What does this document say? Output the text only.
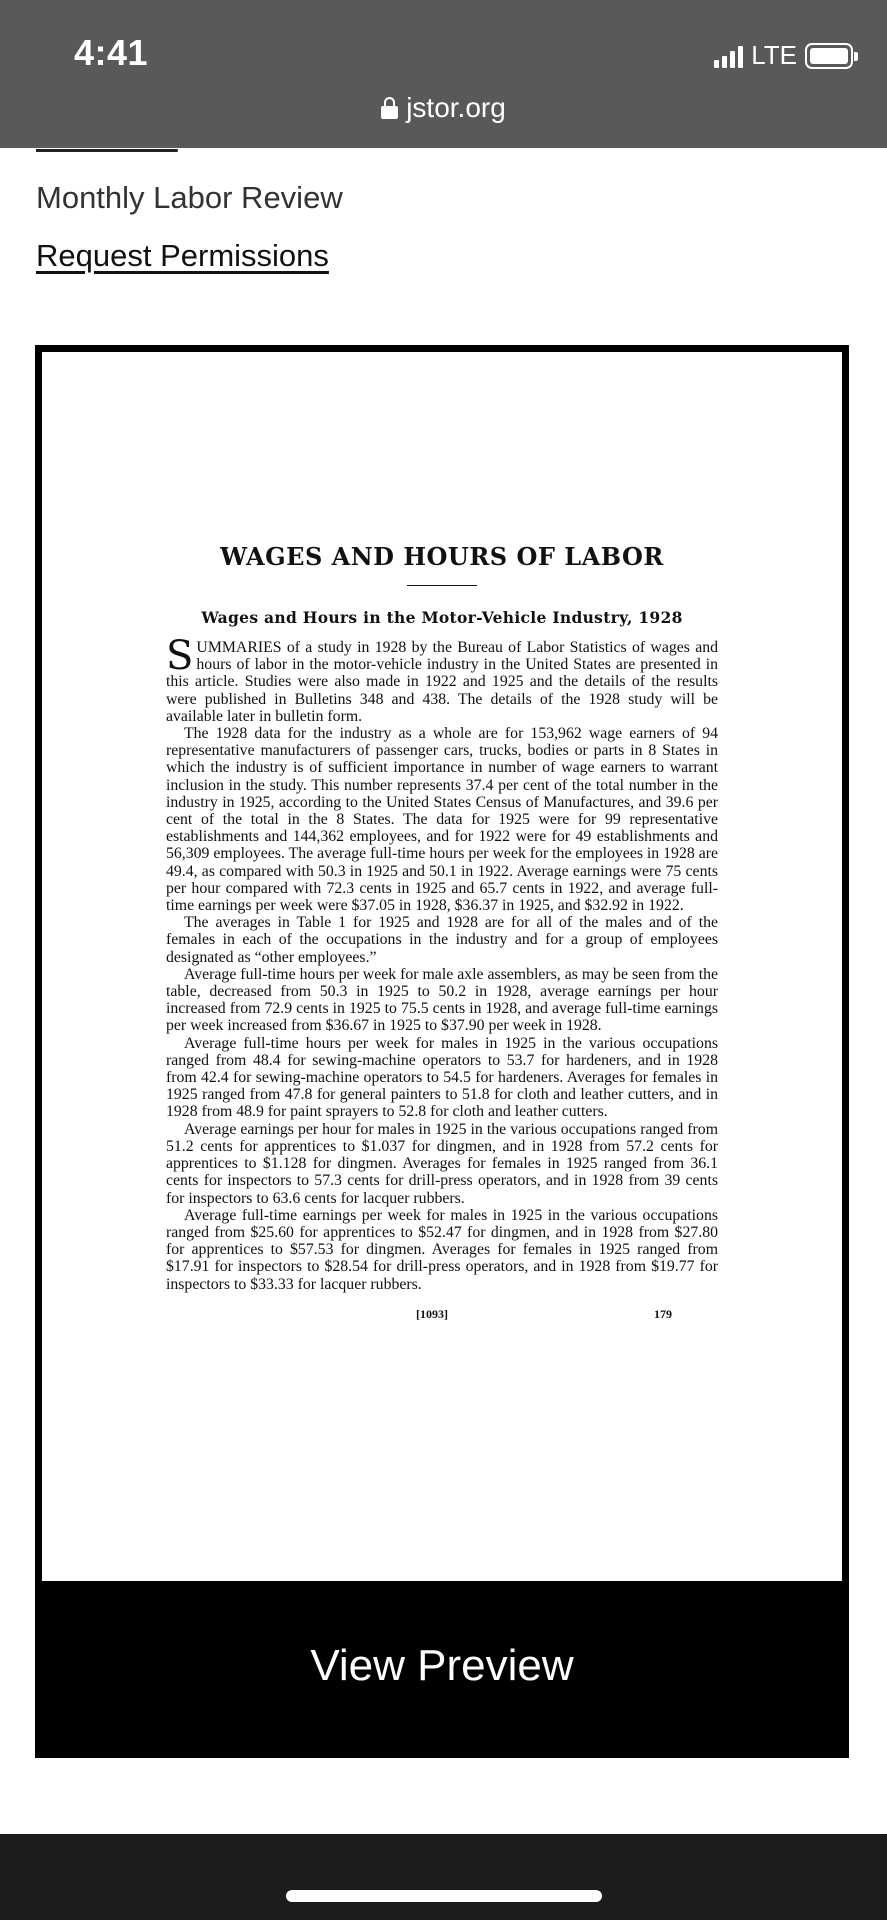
4:41	LTE
jstor.org
Monthly Labor Review
Request Permissions
WAGES AND HOURS OF LABOR
Wages and Hours in the Motor-Vehicle Industry, 1928

SUMMARIES of a study in 1928 by the Bureau of Labor Statistics of wages and hours of labor in the motor-vehicle industry in the United States are presented in this article. Studies were also made in 1922 and 1925 and the details of the results were published in Bulletins 348 and 438. The details of the 1928 study will be available later in bulletin form.

The 1928 data for the industry as a whole are for 153,962 wage earners of 94 representative manufacturers of passenger cars, trucks, bodies or parts in 8 States in which the industry is of sufficient importance in number of wage earners to warrant inclusion in the study. This number represents 37.4 per cent of the total number in the industry in 1925, according to the United States Census of Manufactures, and 39.6 per cent of the total in the 8 States. The data for 1925 were for 99 representative establishments and 144,362 employees, and for 1922 were for 49 establishments and 56,309 employees. The average full-time hours per week for the employees in 1928 are 49.4, as compared with 50.3 in 1925 and 50.1 in 1922. Average earnings were 75 cents per hour compared with 72.3 cents in 1925 and 65.7 cents in 1922, and average full-time earnings per week were $37.05 in 1928, $36.37 in 1925, and $32.92 in 1922.

The averages in Table 1 for 1925 and 1928 are for all of the males and of the females in each of the occupations in the industry and for a group of employees designated as “other employees.”

Average full-time hours per week for male axle assemblers, as may be seen from the table, decreased from 50.3 in 1925 to 50.2 in 1928, average earnings per hour increased from 72.9 cents in 1925 to 75.5 cents in 1928, and average full-time earnings per week increased from $36.67 in 1925 to $37.90 per week in 1928.

Average full-time hours per week for males in 1925 in the various occupations ranged from 48.4 for sewing-machine operators to 53.7 for hardeners, and in 1928 from 42.4 for sewing-machine operators to 54.5 for hardeners. Averages for females in 1925 ranged from 47.8 for general painters to 51.8 for cloth and leather cutters, and in 1928 from 48.9 for paint sprayers to 52.8 for cloth and leather cutters.

Average earnings per hour for males in 1925 in the various occupations ranged from 51.2 cents for apprentices to $1.037 for dingmen, and in 1928 from 57.2 cents for apprentices to $1.128 for dingmen. Averages for females in 1925 ranged from 36.1 cents for inspectors to 57.3 cents for drill-press operators, and in 1928 from 39 cents for inspectors to 63.6 cents for lacquer rubbers.

Average full-time earnings per week for males in 1925 in the various occupations ranged from $25.60 for apprentices to $52.47 for dingmen, and in 1928 from $27.80 for apprentices to $57.53 for dingmen. Averages for females in 1925 ranged from $17.91 for inspectors to $28.54 for drill-press operators, and in 1928 from $19.77 for inspectors to $33.33 for lacquer rubbers.

[1093]	179
View Preview
